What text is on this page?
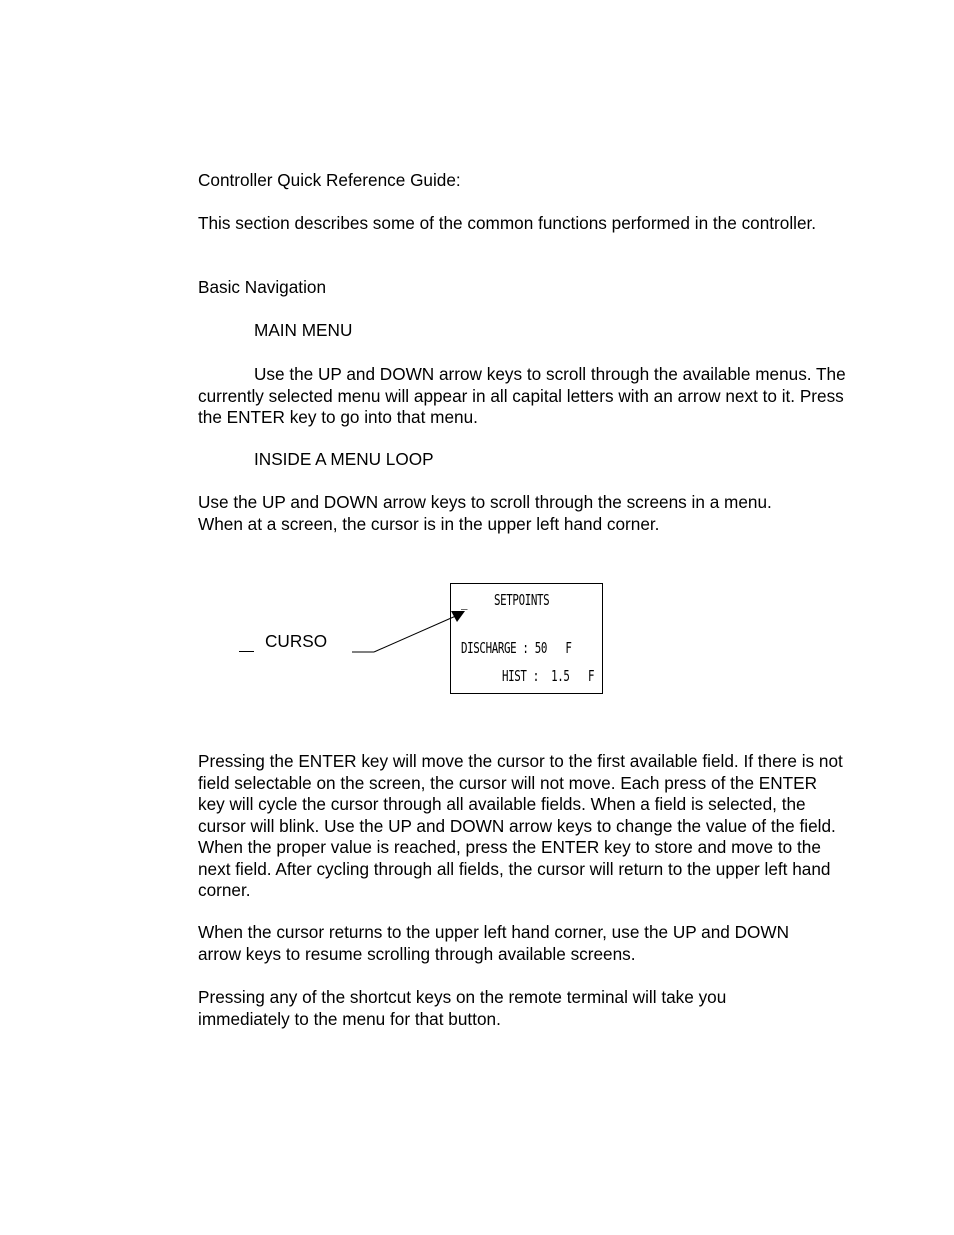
Controller Quick Reference Guide:

This section describes some of the common functions performed in the controller.

Basic Navigation

MAIN MENU

Use the UP and DOWN arrow keys to scroll through the available menus. The currently selected menu will appear in all capital letters with an arrow next to it. Press the ENTER key to go into that menu.

INSIDE A MENU LOOP

Use the UP and DOWN arrow keys to scroll through the screens in a menu. When at a screen, the cursor is in the upper left hand corner.

CURSO
_ SETPOINTS
DISCHARGE : 50   F
HIST :  1.5   F

Pressing the ENTER key will move the cursor to the first available field. If there is not field selectable on the screen, the cursor will not move. Each press of the ENTER key will cycle the cursor through all available fields. When a field is selected, the cursor will blink. Use the UP and DOWN arrow keys to change the value of the field. When the proper value is reached, press the ENTER key to store and move to the next field. After cycling through all fields, the cursor will return to the upper left hand corner.

When the cursor returns to the upper left hand corner, use the UP and DOWN arrow keys to resume scrolling through available screens.

Pressing any of the shortcut keys on the remote terminal will take you immediately to the menu for that button.
